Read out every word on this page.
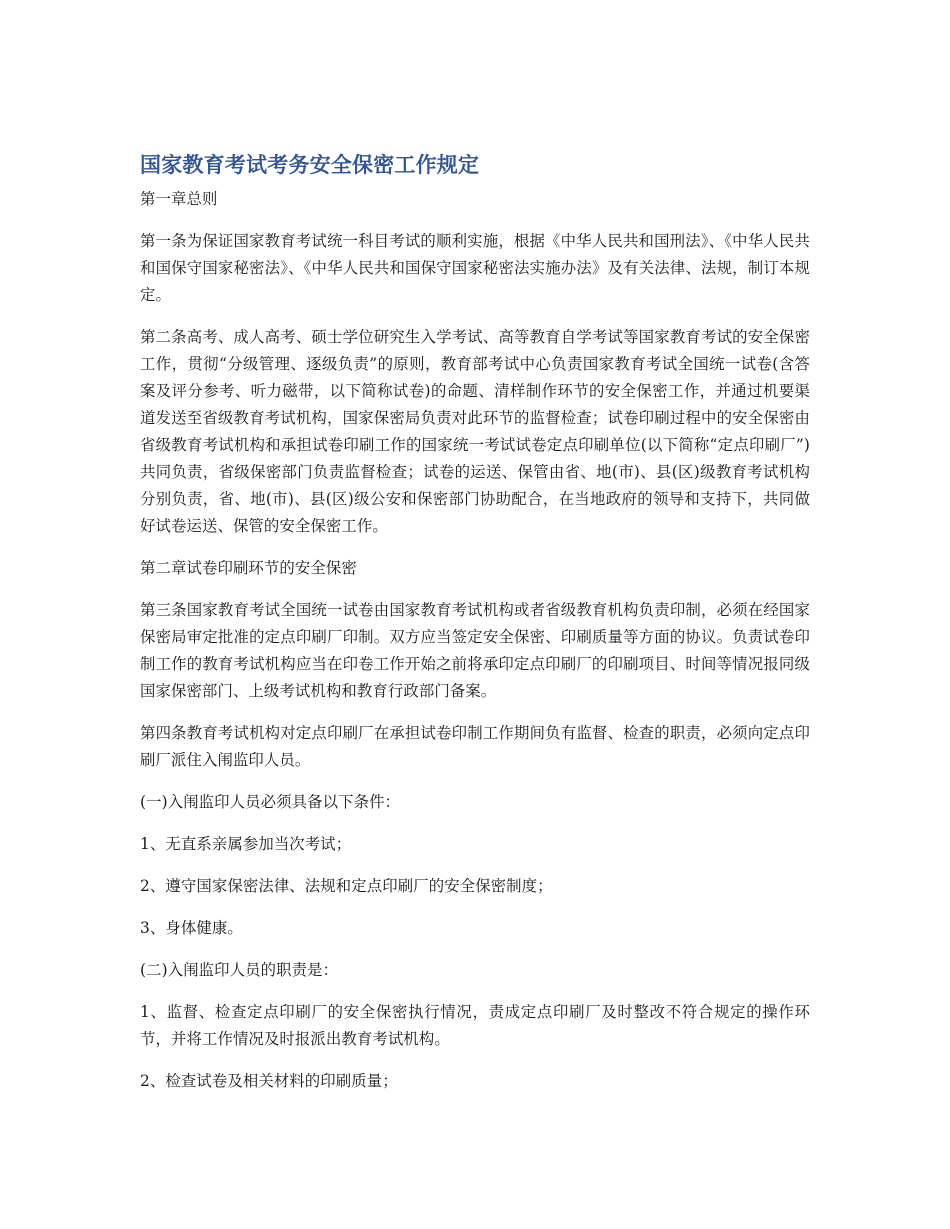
国家教育考试考务安全保密工作规定

第一章总则

第一条为保证国家教育考试统一科目考试的顺利实施，根据《中华人民共和国刑法》、《中华人民共和国保守国家秘密法》、《中华人民共和国保守国家秘密法实施办法》及有关法律、法规，制订本规定。

第二条高考、成人高考、硕士学位研究生入学考试、高等教育自学考试等国家教育考试的安全保密工作，贯彻“分级管理、逐级负责”的原则，教育部考试中心负责国家教育考试全国统一试卷(含答案及评分参考、听力磁带，以下简称试卷)的命题、清样制作环节的安全保密工作，并通过机要渠道发送至省级教育考试机构，国家保密局负责对此环节的监督检查；试卷印刷过程中的安全保密由省级教育考试机构和承担试卷印刷工作的国家统一考试试卷定点印刷单位(以下简称“定点印刷厂”)共同负责，省级保密部门负责监督检查；试卷的运送、保管由省、地(市)、县(区)级教育考试机构分别负责，省、地(市)、县(区)级公安和保密部门协助配合，在当地政府的领导和支持下，共同做好试卷运送、保管的安全保密工作。

第二章试卷印刷环节的安全保密

第三条国家教育考试全国统一试卷由国家教育考试机构或者省级教育机构负责印制，必须在经国家保密局审定批准的定点印刷厂印制。双方应当签定安全保密、印刷质量等方面的协议。负责试卷印制工作的教育考试机构应当在印卷工作开始之前将承印定点印刷厂的印刷项目、时间等情况报同级国家保密部门、上级考试机构和教育行政部门备案。

第四条教育考试机构对定点印刷厂在承担试卷印制工作期间负有监督、检查的职责，必须向定点印刷厂派住入闱监印人员。

(一)入闱监印人员必须具备以下条件：

1、无直系亲属参加当次考试；

2、遵守国家保密法律、法规和定点印刷厂的安全保密制度；

3、身体健康。

(二)入闱监印人员的职责是：

1、监督、检查定点印刷厂的安全保密执行情况，责成定点印刷厂及时整改不符合规定的操作环节，并将工作情况及时报派出教育考试机构。

2、检查试卷及相关材料的印刷质量；
